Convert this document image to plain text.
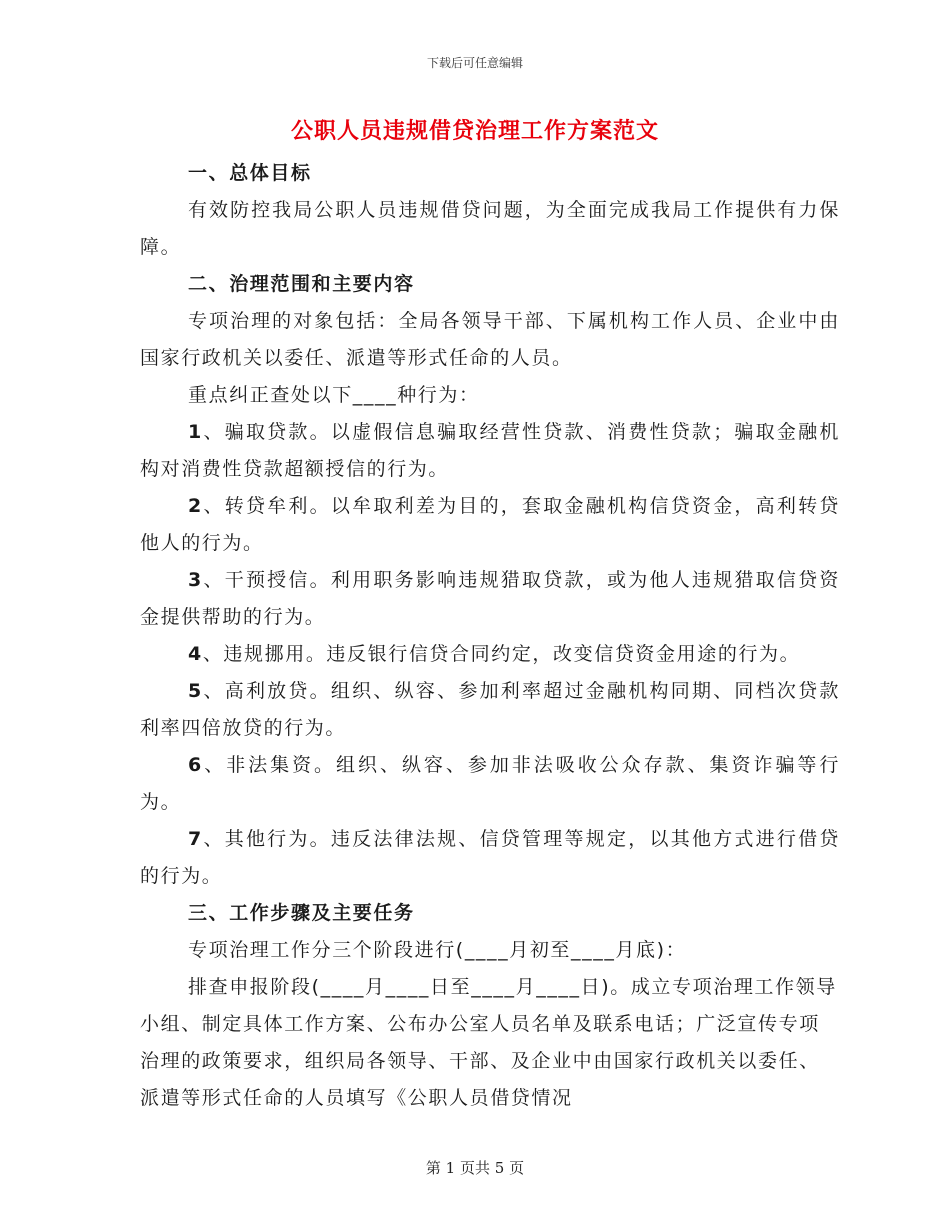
下载后可任意编辑
公职人员违规借贷治理工作方案范文
一、总体目标
有效防控我局公职人员违规借贷问题，为全面完成我局工作提供有力保障。
二、治理范围和主要内容
专项治理的对象包括：全局各领导干部、下属机构工作人员、企业中由国家行政机关以委任、派遣等形式任命的人员。
重点纠正查处以下____种行为：
1、骗取贷款。以虚假信息骗取经营性贷款、消费性贷款；骗取金融机构对消费性贷款超额授信的行为。
2、转贷牟利。以牟取利差为目的，套取金融机构信贷资金，高利转贷他人的行为。
3、干预授信。利用职务影响违规猎取贷款，或为他人违规猎取信贷资金提供帮助的行为。
4、违规挪用。违反银行信贷合同约定，改变信贷资金用途的行为。
5、高利放贷。组织、纵容、参加利率超过金融机构同期、同档次贷款利率四倍放贷的行为。
6、非法集资。组织、纵容、参加非法吸收公众存款、集资诈骗等行为。
7、其他行为。违反法律法规、信贷管理等规定，以其他方式进行借贷的行为。
三、工作步骤及主要任务
专项治理工作分三个阶段进行(____月初至____月底)：
排查申报阶段(____月____日至____月____日)。成立专项治理工作领导小组、制定具体工作方案、公布办公室人员名单及联系电话；广泛宣传专项治理的政策要求，组织局各领导、干部、及企业中由国家行政机关以委任、派遣等形式任命的人员填写《公职人员借贷情况
第 1 页共 5 页
